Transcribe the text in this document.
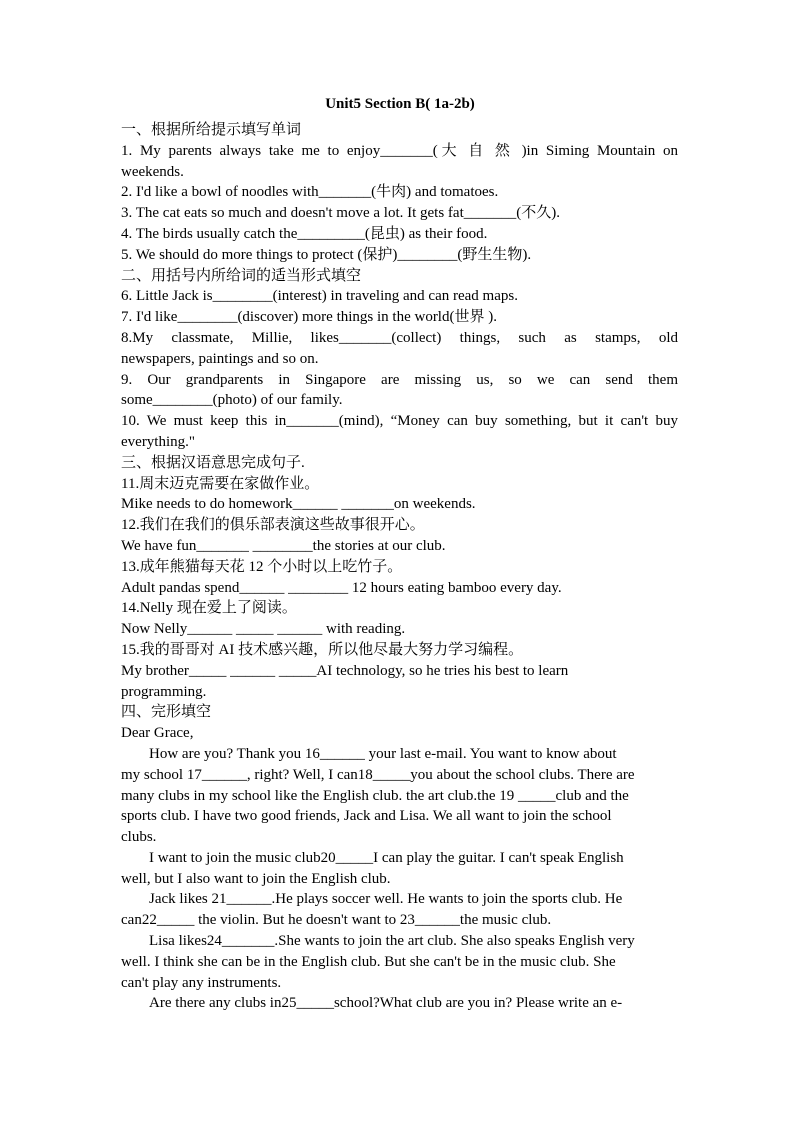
Unit5 Section B( 1a-2b)
一、根据所给提示填写单词
1. My parents always take me to enjoy_______(大 自 然 )in Siming Mountain on
weekends.
2. I'd like a bowl of noodles with_______(牛肉) and tomatoes.
3. The cat eats so much and doesn't move a lot. It gets fat_______(不久).
4. The birds usually catch the_________(昆虫) as their food.
5. We should do more things to protect (保护)________(野生生物).
二、用括号内所给词的适当形式填空
6. Little Jack is________(interest) in traveling and can read maps.
7. I'd like________(discover) more things in the world(世界 ).
8.My classmate, Millie, likes_______(collect) things, such as stamps, old
newspapers, paintings and so on.
9. Our grandparents in Singapore are missing us, so we can send them
some________(photo) of our family.
10. We must keep this in_______(mind), “Money can buy something, but it can't buy
everything."
三、根据汉语意思完成句子.
11.周末迈克需要在家做作业。
Mike needs to do homework______ _______on weekends.
12.我们在我们的俱乐部表演这些故事很开心。
We have fun_______ ________the stories at our club.
13.成年熊猫每天花 12 个小时以上吃竹子。
Adult pandas spend______ ________ 12 hours eating bamboo every day.
14.Nelly 现在爱上了阅读。
Now Nelly______ _____ ______ with reading.
15.我的哥哥对 AI 技术感兴趣，所以他尽最大努力学习编程。
My brother_____ ______ _____AI technology, so he tries his best to learn
programming.
四、完形填空
Dear Grace,
How are you? Thank you 16______ your last e-mail. You want to know about
my school 17______, right? Well, I can18_____you about the school clubs. There are
many clubs in my school like the English club. the art club.the 19 _____club and the
sports club. I have two good friends, Jack and Lisa. We all want to join the school
clubs.
I want to join the music club20_____I can play the guitar. I can't speak English
well, but I also want to join the English club.
Jack likes 21______.He plays soccer well. He wants to join the sports club. He
can22_____ the violin. But he doesn't want to 23______the music club.
Lisa likes24_______.She wants to join the art club. She also speaks English very
well. I think she can be in the English club. But she can't be in the music club. She
can't play any instruments.
Are there any clubs in25_____school?What club are you in? Please write an e-
